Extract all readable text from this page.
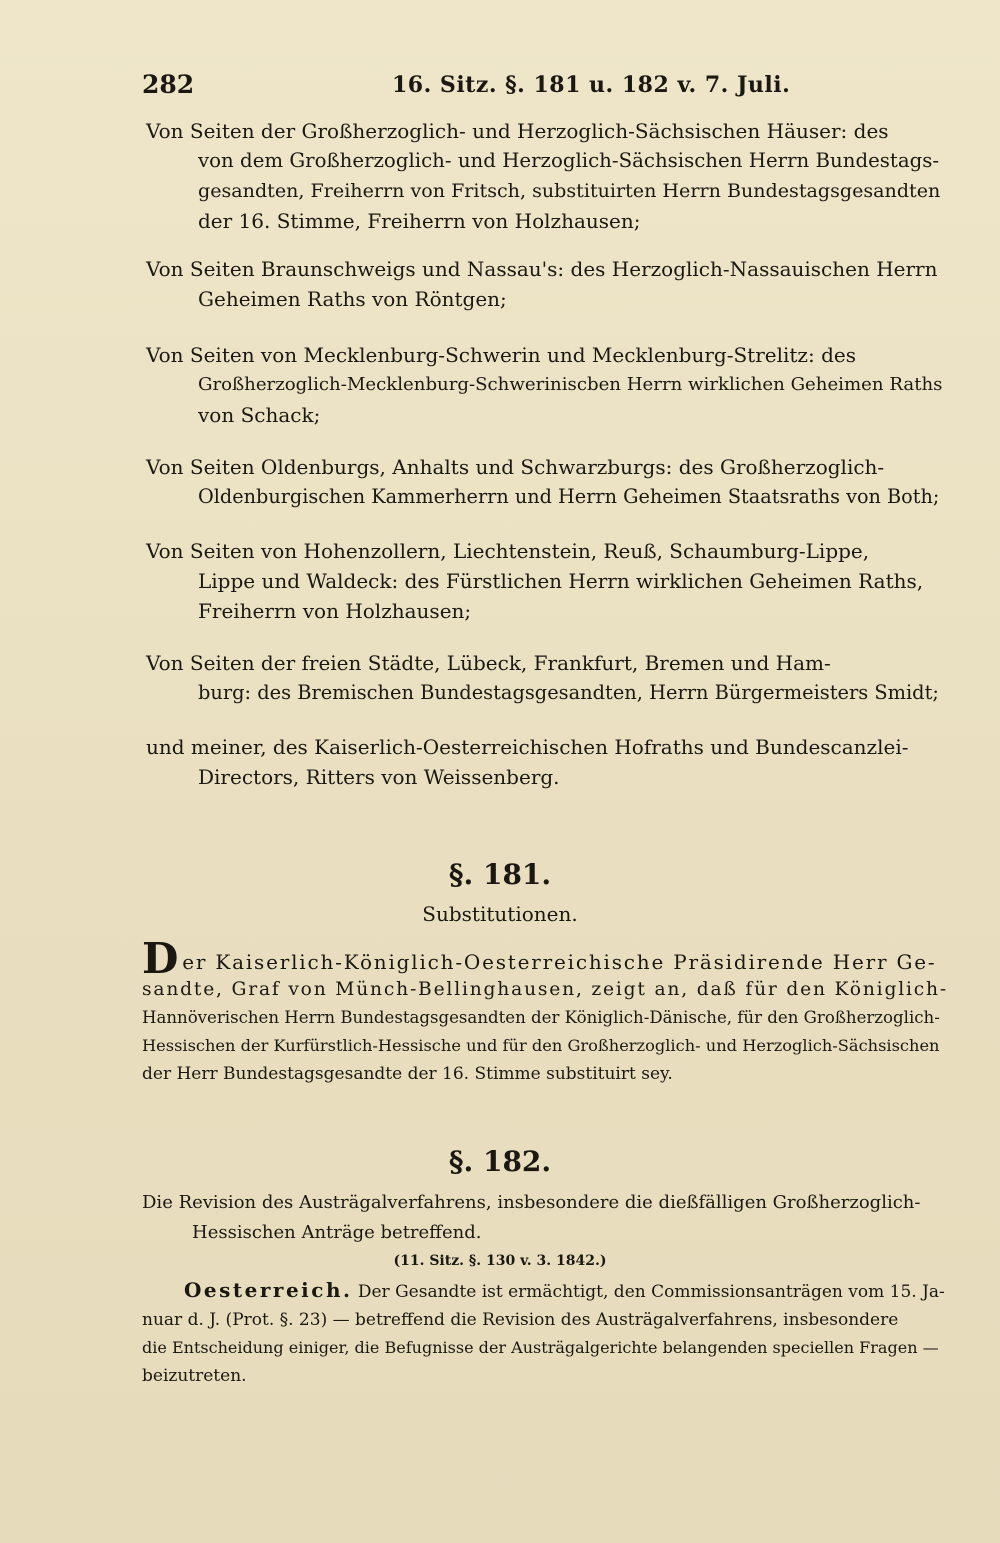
282	16. Sitz. §. 181 u. 182 v. 7. Juli.
Von Seiten der Großherzoglich- und Herzoglich-Sächsischen Häuser: des
von dem Großherzoglich- und Herzoglich-Sächsischen Herrn Bundestags-
gesandten, Freiherrn von Fritsch, substituirten Herrn Bundestagsgesandten
der 16. Stimme, Freiherrn von Holzhausen;
Von Seiten Braunschweigs und Nassau's: des Herzoglich-Nassauischen Herrn
Geheimen Raths von Röntgen;
Von Seiten von Mecklenburg-Schwerin und Mecklenburg-Strelitz: des
Großherzoglich-Mecklenburg-Schweriniscben Herrn wirklichen Geheimen Raths
von Schack;
Von Seiten Oldenburgs, Anhalts und Schwarzburgs: des Großherzoglich-
Oldenburgischen Kammerherrn und Herrn Geheimen Staatsraths von Both;
Von Seiten von Hohenzollern, Liechtenstein, Reuß, Schaumburg-Lippe,
Lippe und Waldeck: des Fürstlichen Herrn wirklichen Geheimen Raths,
Freiherrn von Holzhausen;
Von Seiten der freien Städte, Lübeck, Frankfurt, Bremen und Ham-
burg: des Bremischen Bundestagsgesandten, Herrn Bürgermeisters Smidt;
und meiner, des Kaiserlich-Oesterreichischen Hofraths und Bundescanzlei-
Directors, Ritters von Weissenberg.
§. 181.
Substitutionen.
Der Kaiserlich-Königlich-Oesterreichische Präsidirende Herr Ge-
sandte, Graf von Münch-Bellinghausen, zeigt an, daß für den Königlich-
Hannöverischen Herrn Bundestagsgesandten der Königlich-Dänische, für den Großherzoglich-
Hessischen der Kurfürstlich-Hessische und für den Großherzoglich- und Herzoglich-Sächsischen
der Herr Bundestagsgesandte der 16. Stimme substituirt sey.
§. 182.
Die Revision des Austrägalverfahrens, insbesondere die dießfälligen Großherzoglich-
Hessischen Anträge betreffend.
(11. Sitz. §. 130 v. 3. 1842.)
Oesterreich. Der Gesandte ist ermächtigt, den Commissionsanträgen vom 15. Ja-
nuar d. J. (Prot. §. 23) — betreffend die Revision des Austrägalverfahrens, insbesondere
die Entscheidung einiger, die Befugnisse der Austrägalgerichte belangenden speciellen Fragen —
beizutreten.
